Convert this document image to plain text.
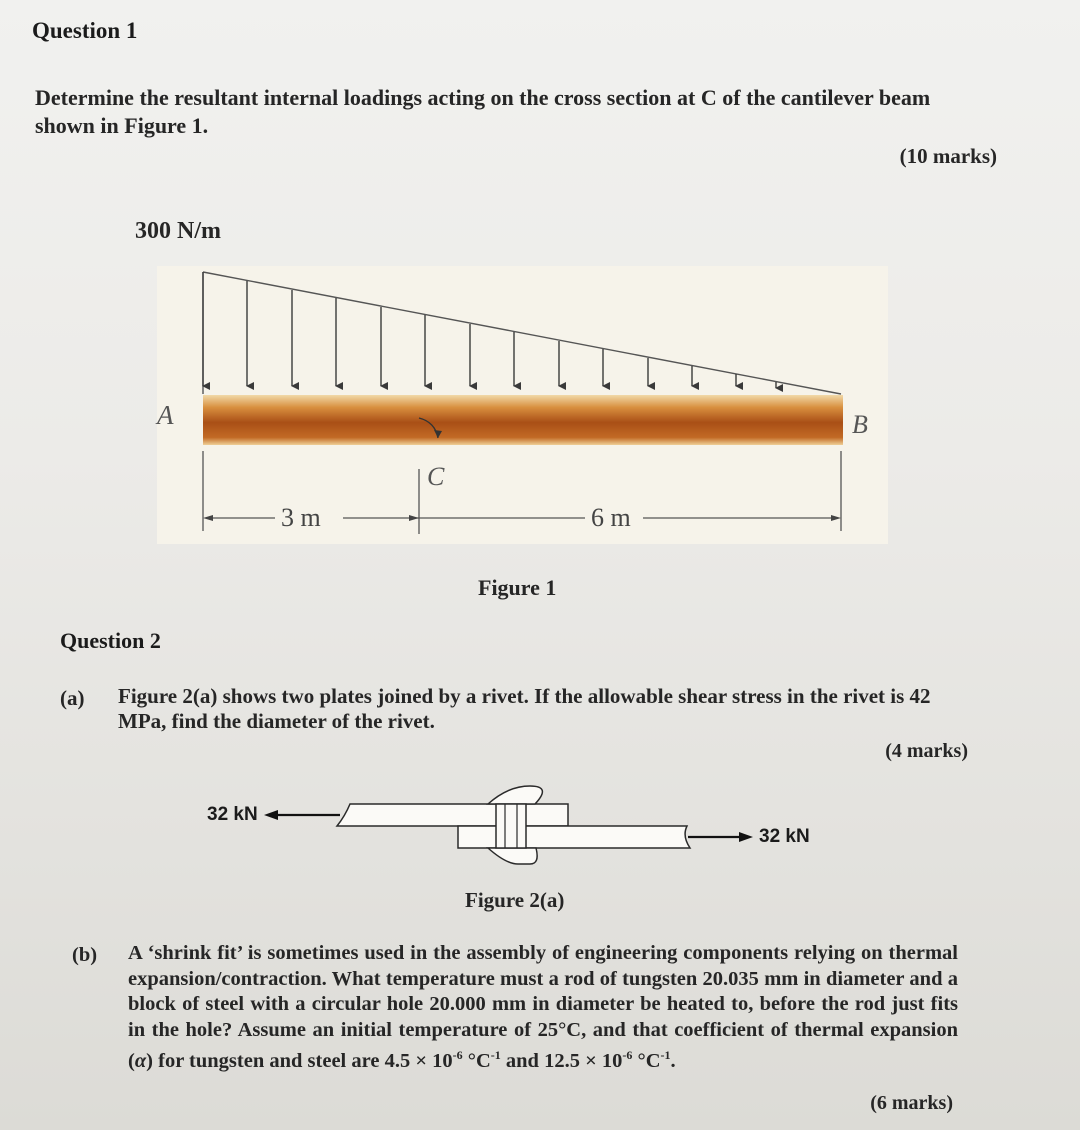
Question 1
Determine the resultant internal loadings acting on the cross section at C of the cantilever beam shown in Figure 1.
(10 marks)
300 N/m
A	B
C
3 m	6 m
Figure 1
Question 2
(a) Figure 2(a) shows two plates joined by a rivet. If the allowable shear stress in the rivet is 42 MPa, find the diameter of the rivet.
(4 marks)
32 kN
32 kN
Figure 2(a)
(b) A ‘shrink fit’ is sometimes used in the assembly of engineering components relying on thermal expansion/contraction. What temperature must a rod of tungsten 20.035 mm in diameter and a block of steel with a circular hole 20.000 mm in diameter be heated to, before the rod just fits in the hole? Assume an initial temperature of 25°C, and that coefficient of thermal expansion (α) for tungsten and steel are $4.5 \times 10^{-6}$ $^\circ C^{-1}$ and $12.5 \times 10^{-6}$ $^\circ C^{-1}$.
(6 marks)
